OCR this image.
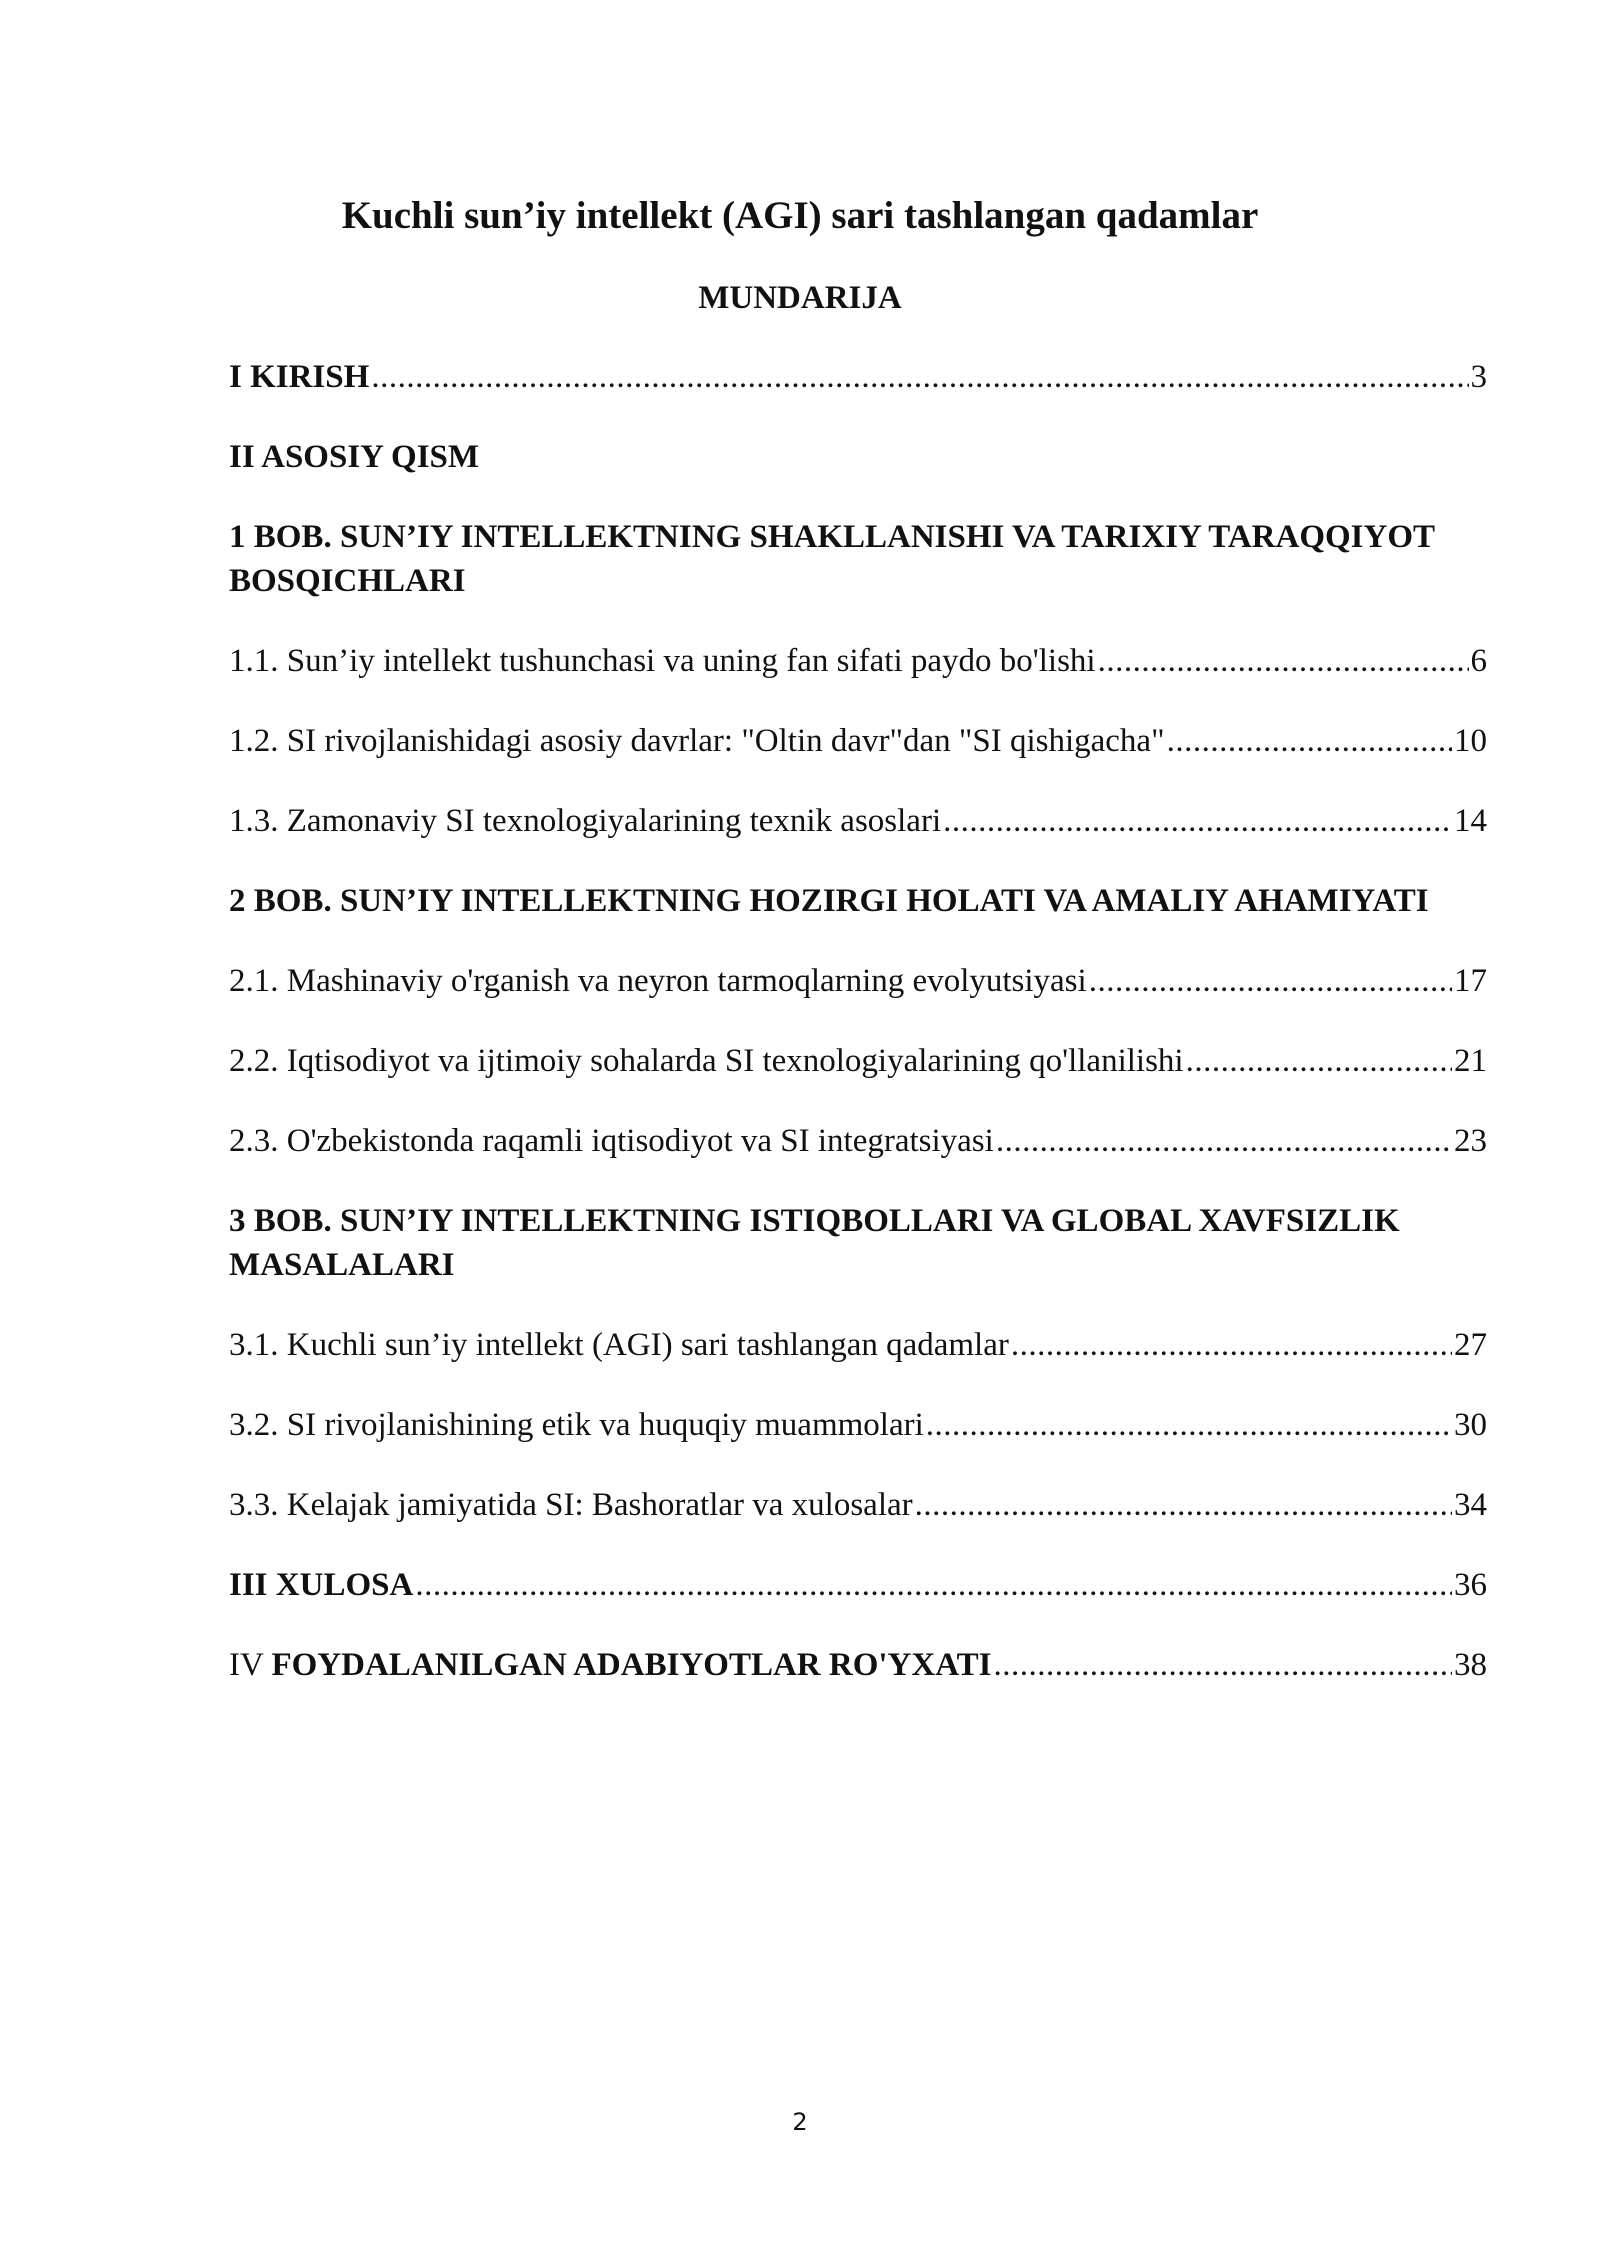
Kuchli sun’iy intellekt (AGI) sari tashlangan qadamlar
MUNDARIJA
I KIRISH .....	3
II ASOSIY QISM
1 BOB. SUN’IY INTELLEKTNING SHAKLLANISHI VA TARIXIY TARAQQIYOT BOSQICHLARI
1.1. Sun’iy intellekt tushunchasi va uning fan sifati paydo bo'lishi .....	6
1.2. SI rivojlanishidagi asosiy davrlar: "Oltin davr"dan "SI qishigacha" .....	10
1.3. Zamonaviy SI texnologiyalarining texnik asoslari .....	14
2 BOB. SUN’IY INTELLEKTNING HOZIRGI HOLATI VA AMALIY AHAMIYATI
2.1. Mashinaviy o'rganish va neyron tarmoqlarning evolyutsiyasi .....	17
2.2. Iqtisodiyot va ijtimoiy sohalarda SI texnologiyalarining qo'llanilishi .....	21
2.3. O'zbekistonda raqamli iqtisodiyot va SI integratsiyasi .....	23
3 BOB. SUN’IY INTELLEKTNING ISTIQBOLLARI VA GLOBAL XAVFSIZLIK MASALALARI
3.1. Kuchli sun’iy intellekt (AGI) sari tashlangan qadamlar .....	27
3.2. SI rivojlanishining etik va huquqiy muammolari .....	30
3.3. Kelajak jamiyatida SI: Bashoratlar va xulosalar .....	34
III XULOSA .....	36
IV FOYDALANILGAN ADABIYOTLAR RO'YXATI .....	38
2
